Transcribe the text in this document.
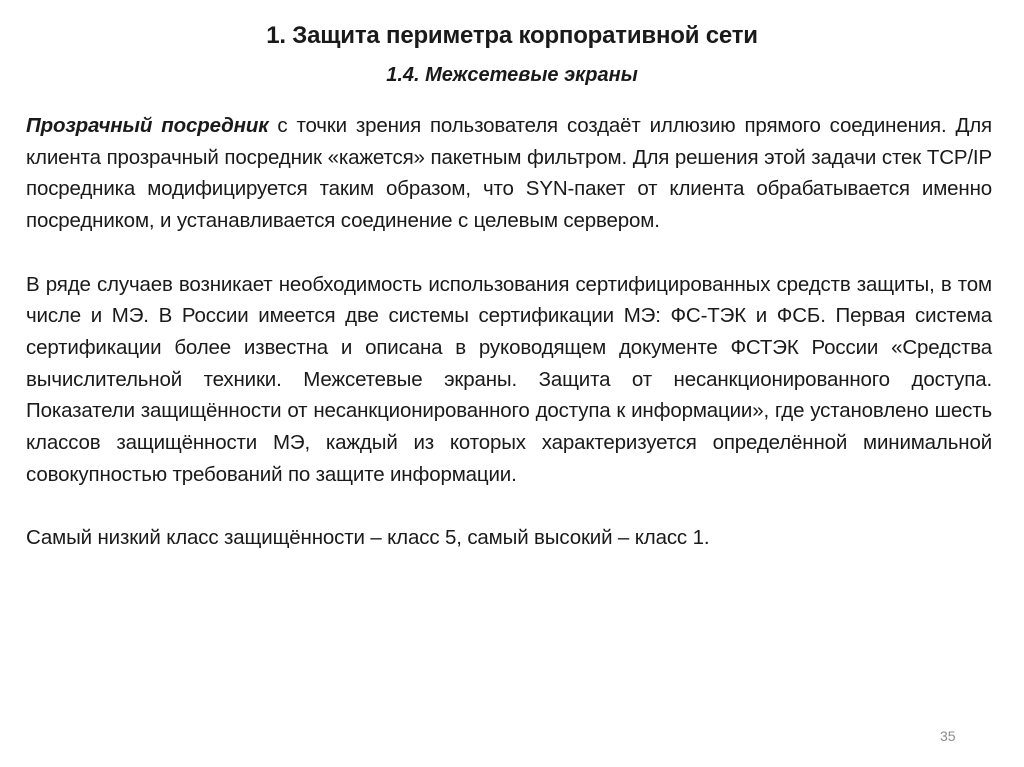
1. Защита периметра корпоративной сети
1.4. Межсетевые экраны

Прозрачный посредник с точки зрения пользователя создаёт иллюзию прямого соединения. Для клиента прозрачный посредник «кажется» пакетным фильтром. Для решения этой задачи стек TCP/IP посредника модифицируется таким образом, что SYN-пакет от клиента обрабатывается именно посредником, и устанавливается соединение с целевым сервером.

В ряде случаев возникает необходимость использования сертифицированных средств защиты, в том числе и МЭ. В России имеется две системы сертификации МЭ: ФС-ТЭК и ФСБ. Первая система сертификации более известна и описана в руководящем документе ФСТЭК России «Средства вычислительной техники. Межсетевые экраны. Защита от несанкционированного доступа. Показатели защищённости от несанкционированного доступа к информации», где установлено шесть классов защищённости МЭ, каждый из которых характеризуется определённой минимальной совокупностью требований по защите информации.

Самый низкий класс защищённости – класс 5, самый высокий – класс 1.

35
